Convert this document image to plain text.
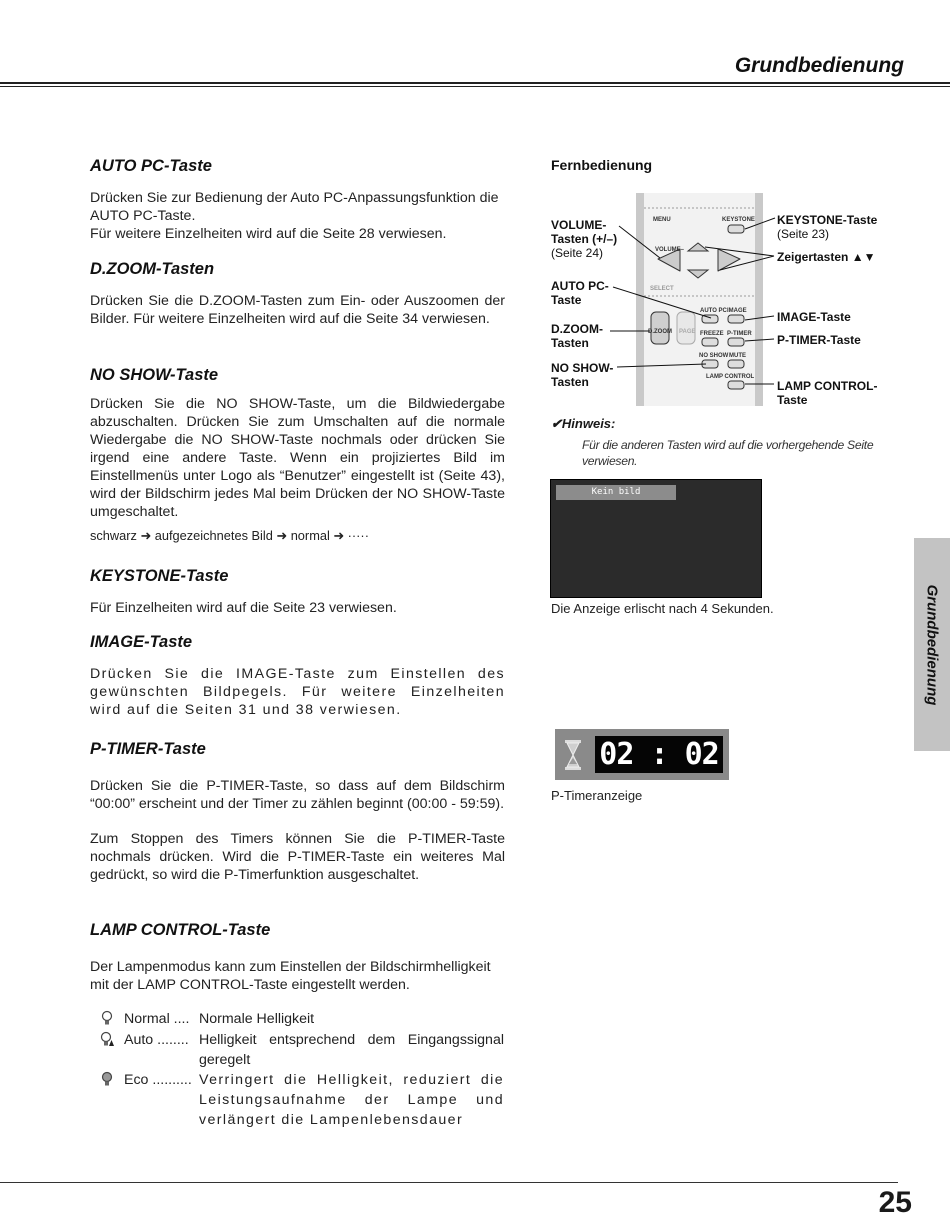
Grundbedienung
Grundbedienung
AUTO PC-Taste
Drücken Sie zur Bedienung der Auto PC-Anpassungsfunktion die AUTO PC-Taste.
Für weitere Einzelheiten wird auf die Seite 28 verwiesen.
D.ZOOM-Tasten
Drücken Sie die D.ZOOM-Tasten zum Ein- oder Auszoomen der Bilder. Für weitere Einzelheiten wird auf die Seite 34 verwiesen.
NO SHOW-Taste
Drücken Sie die NO SHOW-Taste, um die Bildwiedergabe abzuschalten. Drücken Sie zum Umschalten auf die normale Wiedergabe die NO SHOW-Taste nochmals oder drücken Sie irgend eine andere Taste. Wenn ein projiziertes Bild im Einstellmenüs unter Logo als “Benutzer” eingestellt ist (Seite 43), wird der Bildschirm jedes Mal beim Drücken der NO SHOW-Taste umgeschaltet.
schwarz ➜ aufgezeichnetes Bild ➜ normal ➜ ·····
KEYSTONE-Taste
Für Einzelheiten wird auf die Seite 23 verwiesen.
IMAGE-Taste
Drücken Sie die IMAGE-Taste zum Einstellen des gewünschten Bildpegels. Für weitere Einzelheiten wird auf die Seiten 31 und 38 verwiesen.
P-TIMER-Taste
Drücken Sie die P-TIMER-Taste, so dass auf dem Bildschirm “00:00” erscheint und der Timer zu zählen beginnt (00:00 - 59:59).
Zum Stoppen des Timers können Sie die P-TIMER-Taste nochmals drücken. Wird die P-TIMER-Taste ein weiteres Mal gedrückt, so wird die P-Timerfunktion ausgeschaltet.
LAMP CONTROL-Taste
Der Lampenmodus kann zum Einstellen der Bildschirmhelligkeit mit der LAMP CONTROL-Taste eingestellt werden.
Normal .... Normale Helligkeit
Auto ........ Helligkeit entsprechend dem Eingangssignal geregelt
Eco .......... Verringert die Helligkeit, reduziert die Leistungsaufnahme der Lampe und verlängert die Lampenlebensdauer
Fernbedienung
MENU	KEYSTONE
VOLUME–
SELECT
AUTO PC IMAGE
D.ZOOM PAGE FREEZE P-TIMER
NO SHOW MUTE
LAMP CONTROL
VOLUME-
Tasten (+/–)
(Seite 24)
AUTO PC-
Taste
D.ZOOM-
Tasten
NO SHOW-
Tasten
KEYSTONE-Taste
(Seite 23)
Zeigertasten ▲▼
IMAGE-Taste
P-TIMER-Taste
LAMP CONTROL-
Taste
✔Hinweis:
Für die anderen Tasten wird auf die vorhergehende Seite verwiesen.
Kein bild
Die Anzeige erlischt nach 4 Sekunden.
02 : 02
P-Timeranzeige
25
